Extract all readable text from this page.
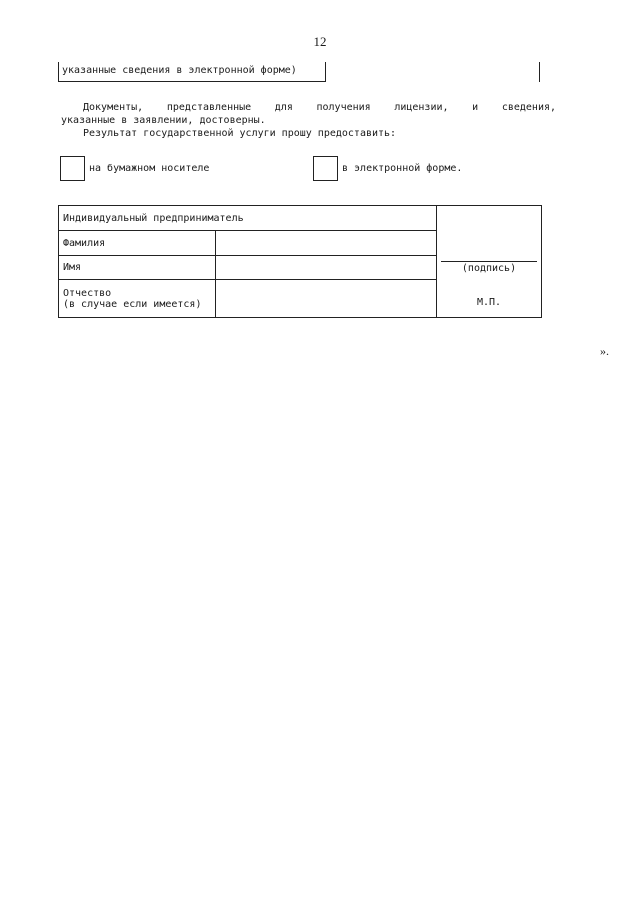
12
указанные сведения в электронной форме)
Документы, представленные для получения лицензии, и сведения,
указанные в заявлении, достоверны.
Результат государственной услуги прошу предоставить:
на бумажном носителе	в электронной форме.
Индивидуальный предприниматель		(подпись)
М.П.

Фамилия		
Имя		

Отчество
(в случае если имеется)		

».
